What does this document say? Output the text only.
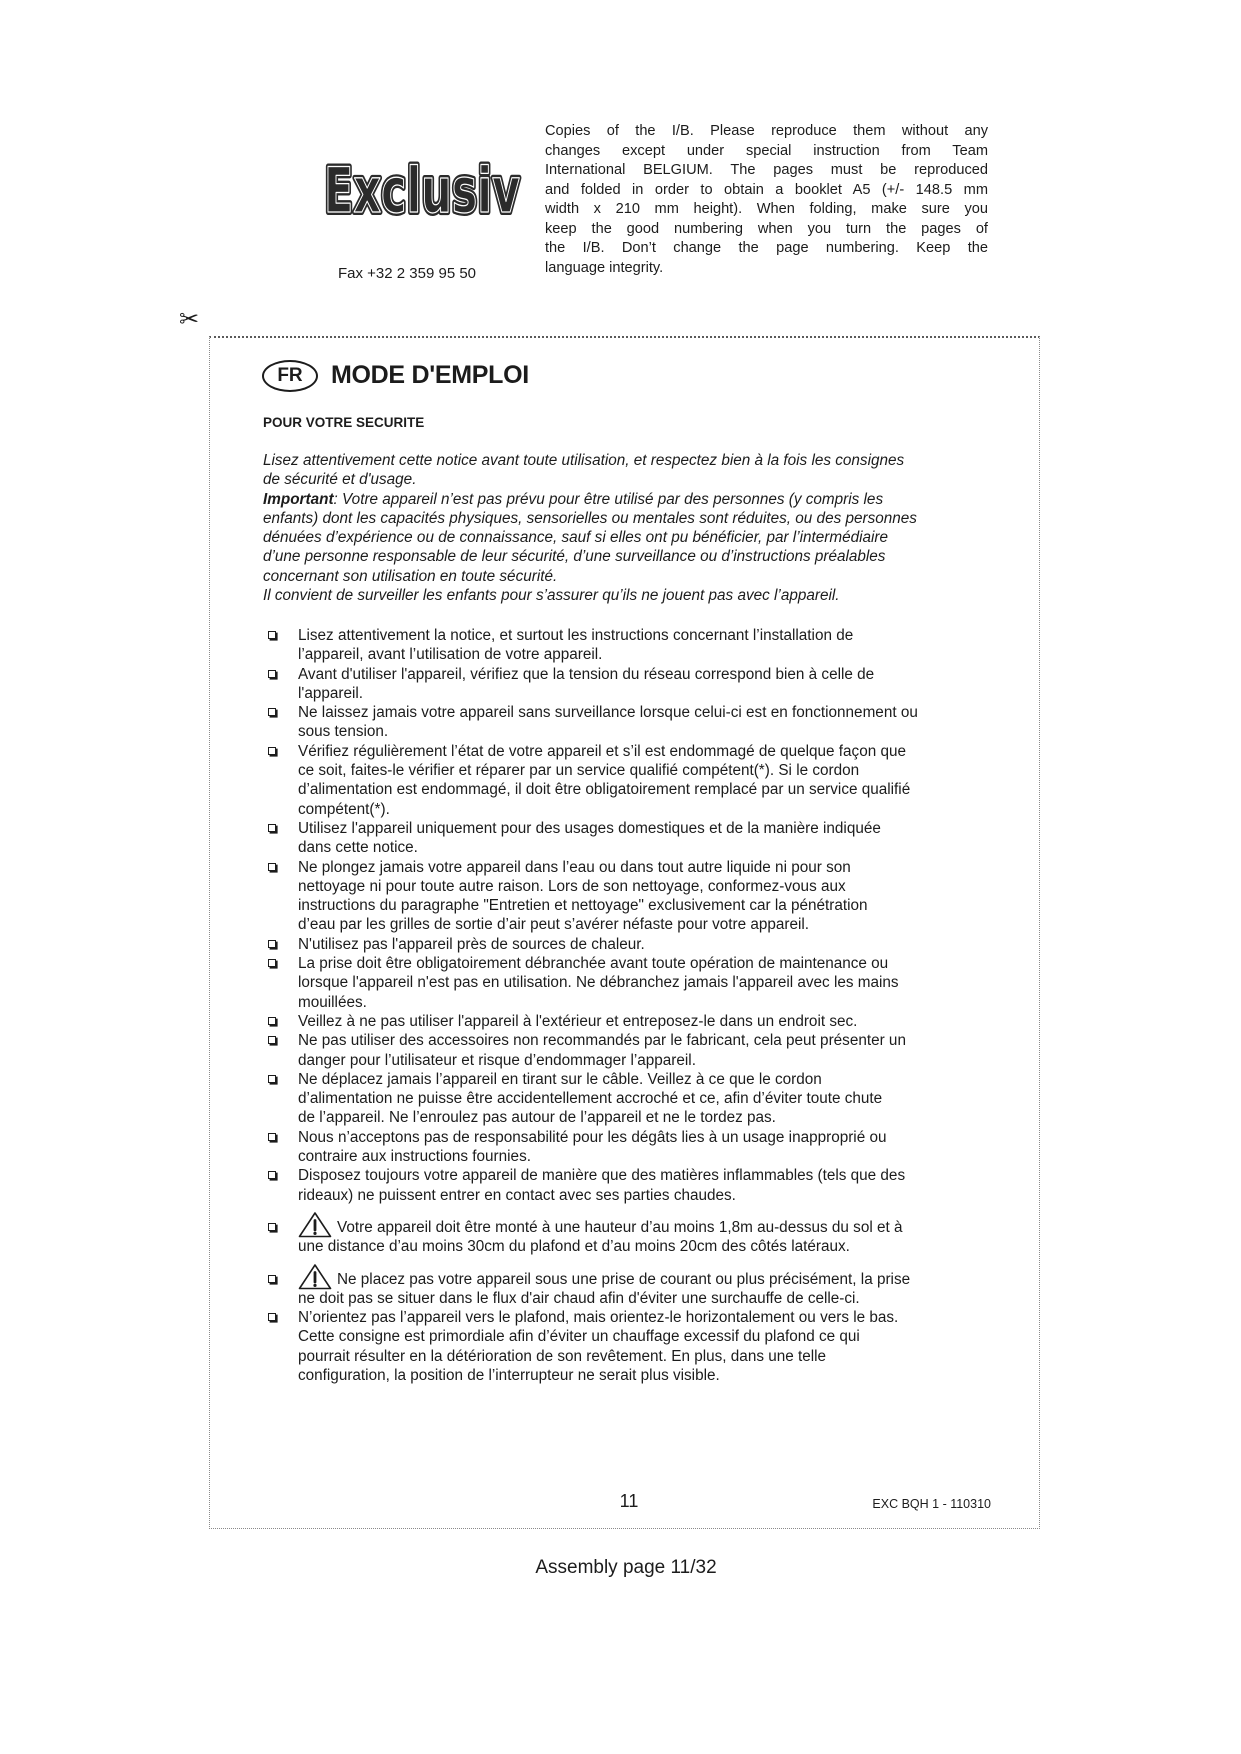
Exclusiv
Exclusiv
Fax +32 2 359 95 50
Copies of the I/B. Please reproduce them without any
changes except under special instruction from Team
International BELGIUM. The pages must be reproduced
and folded in order to obtain a booklet A5 (+/- 148.5 mm
width x 210 mm height). When folding, make sure you
keep the good numbering when you turn the pages of
the I/B. Don’t change the page numbering. Keep the
language integrity.
✂
FR	MODE D'EMPLOI
POUR VOTRE SECURITE
Lisez attentivement cette notice avant toute utilisation, et respectez bien à la fois les consignes
de sécurité et d'usage.
Important: Votre appareil n’est pas prévu pour être utilisé par des personnes (y compris les
enfants) dont les capacités physiques, sensorielles ou mentales sont réduites, ou des personnes
dénuées d’expérience ou de connaissance, sauf si elles ont pu bénéficier, par l’intermédiaire
d’une personne responsable de leur sécurité, d’une surveillance ou d’instructions préalables
concernant son utilisation en toute sécurité.
Il convient de surveiller les enfants pour s’assurer qu’ils ne jouent pas avec l’appareil.
Lisez attentivement la notice, et surtout les instructions concernant l’installation de
l’appareil, avant l’utilisation de votre appareil.
Avant d'utiliser l'appareil, vérifiez que la tension du réseau correspond bien à celle de
l'appareil.
Ne laissez jamais votre appareil sans surveillance lorsque celui-ci est en fonctionnement ou
sous tension.
Vérifiez régulièrement l’état de votre appareil et s’il est endommagé de quelque façon que
ce soit, faites-le vérifier et réparer par un service qualifié compétent(*). Si le cordon
d’alimentation est endommagé, il doit être obligatoirement remplacé par un service qualifié
compétent(*).
Utilisez l'appareil uniquement pour des usages domestiques et de la manière indiquée
dans cette notice.
Ne plongez jamais votre appareil dans l’eau ou dans tout autre liquide ni pour son
nettoyage ni pour toute autre raison. Lors de son nettoyage, conformez-vous aux
instructions du paragraphe "Entretien et nettoyage" exclusivement car la pénétration
d’eau par les grilles de sortie d’air peut s’avérer néfaste pour votre appareil.
N'utilisez pas l'appareil près de sources de chaleur.
La prise doit être obligatoirement débranchée avant toute opération de maintenance ou
lorsque l'appareil n'est pas en utilisation. Ne débranchez jamais l'appareil avec les mains
mouillées.
Veillez à ne pas utiliser l'appareil à l'extérieur et entreposez-le dans un endroit sec.
Ne pas utiliser des accessoires non recommandés par le fabricant, cela peut présenter un
danger pour l’utilisateur et risque d’endommager l’appareil.
Ne déplacez jamais l’appareil en tirant sur le câble. Veillez à ce que le cordon
d’alimentation ne puisse être accidentellement accroché et ce, afin d’éviter toute chute
de l’appareil. Ne l’enroulez pas autour de l’appareil et ne le tordez pas.
Nous n’acceptons pas de responsabilité pour les dégâts lies à un usage inapproprié ou
contraire aux instructions fournies.
Disposez toujours votre appareil de manière que des matières inflammables (tels que des
rideaux) ne puissent entrer en contact avec ses parties chaudes.
Votre appareil doit être monté à une hauteur d’au moins 1,8m au-dessus du sol et à
une distance d’au moins 30cm du plafond et d’au moins 20cm des côtés latéraux.
Ne placez pas votre appareil sous une prise de courant ou plus précisément, la prise
ne doit pas se situer dans le flux d'air chaud afin d'éviter une surchauffe de celle-ci.
N’orientez pas l’appareil vers le plafond, mais orientez-le horizontalement ou vers le bas.
Cette consigne est primordiale afin d’éviter un chauffage excessif du plafond ce qui
pourrait résulter en la détérioration de son revêtement. En plus, dans une telle
configuration, la position de l’interrupteur ne serait plus visible.
11	EXC BQH 1 - 110310
Assembly page 11/32
